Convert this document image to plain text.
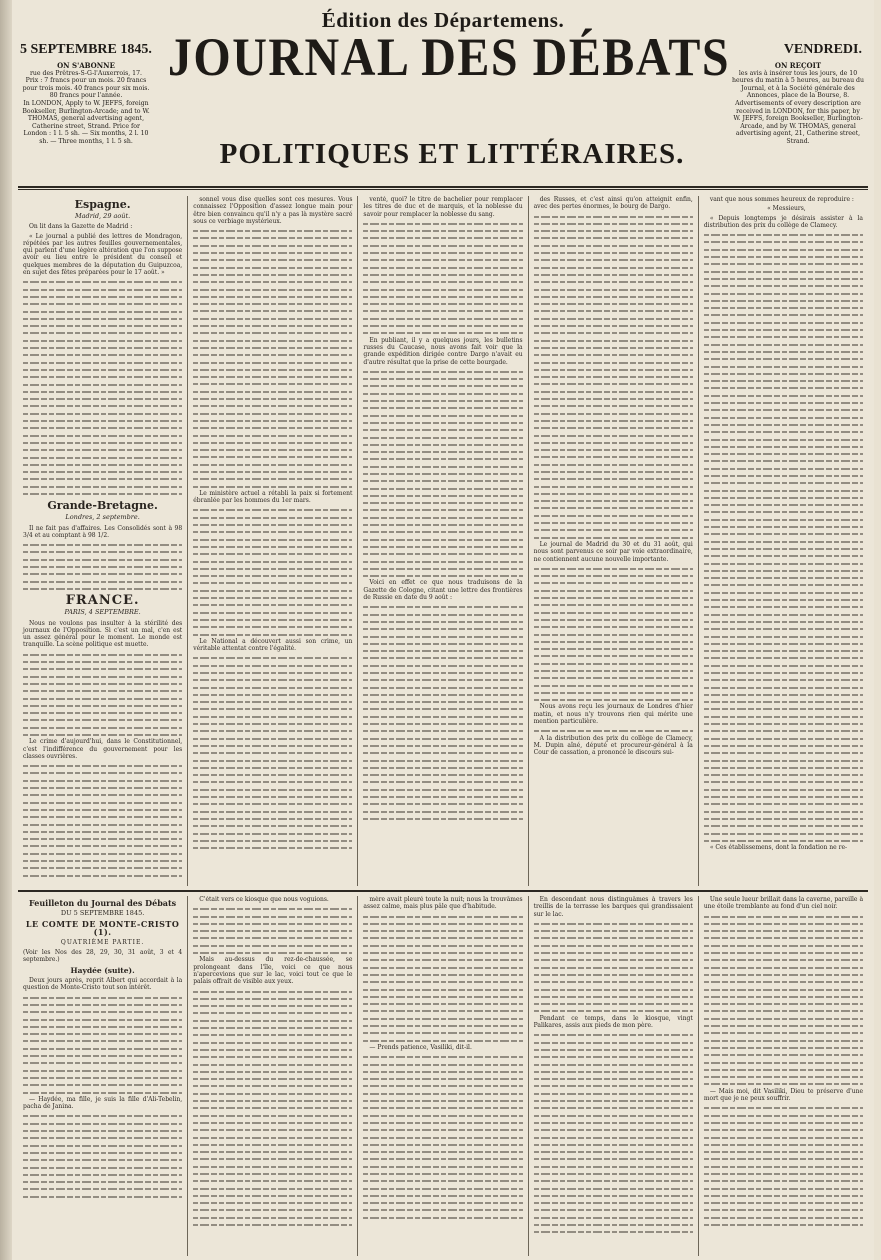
Édition des Départemens.
5 SEPTEMBRE 1845.	VENDREDI.
JOURNAL DES DÉBATS
POLITIQUES ET LITTÉRAIRES.
ON S'ABONNE
rue des Prêtres-S-G-l'Auxerrois, 17.
Prix : 7 francs pour un mois. 20 francs pour trois mois. 40 francs pour six mois. 80 francs pour l'année.
In LONDON, Apply to W. JEFFS, foreign Bookseller, Burlington-Arcade; and to W. THOMAS, general advertising agent, Catherine street, Strand. Price for London : 1 l. 5 sh. — Six months, 2 l. 10 sh. — Three months, 1 l. 5 sh.
ON REÇOIT
les avis à insérer tous les jours, de 10 heures du matin à 5 heures, au bureau du Journal, et à la Société générale des Annonces, place de la Bourse, 8.
Advertisements of every description are received in LONDON, for this paper, by W. JEFFS, foreign Bookseller, Burlington-Arcade, and by W. THOMAS, general advertising agent, 21, Catherine street, Strand.
Espagne.
Madrid, 29 août.

On lit dans la Gazette de Madrid :

« Le journal a publié des lettres de Mondragon, répétées par les autres feuilles gouvernementales, qui parlent d'une légère altération que l'on suppose avoir eu lieu entre le président du conseil et quelques membres de la députation du Guipuzcoa, en sujet des fêtes préparées pour le 17 août. »

Grande-Bretagne.
Londres, 2 septembre.

Il ne fait pas d'affaires. Les Consolidés sont à 98 3/4 et au comptant à 98 1/2.

FRANCE.
PARIS, 4 SEPTEMBRE.

Nous ne voulons pas insulter à la stérilité des journaux de l'Opposition. Si c'est un mal, c'en est un assez général pour le moment. Le monde est tranquille. La scène politique est muette.

Le crime d'aujourd'hui, dans le Constitutionnel, c'est l'indifférence du gouvernement pour les classes ouvrières.

sonnel vous dise quelles sont ces mesures. Vous connaissez l'Opposition d'assez longue main pour être bien convaincu qu'il n'y a pas là mystère sacré sous ce verbiage mystérieux.

Le ministère actuel a rétabli la paix si fortement ébranlée par les hommes du 1er mars.

Le National a découvert aussi son crime, un véritable attentat contre l'égalité.

venté, quoi? le titre de bachelier pour remplacer les titres de duc et de marquis, et la noblesse du savoir pour remplacer la noblesse du sang.

En publiant, il y a quelques jours, les bulletins russes du Caucase, nous avons fait voir que la grande expédition dirigée contre Dargo n'avait eu d'autre résultat que la prise de cette bourgade.

Voici en effet ce que nous traduisons de la Gazette de Cologne, citant une lettre des frontières de Russie en date du 9 août :

des Russes, et c'est ainsi qu'on atteignit enfin, avec des pertes énormes, le bourg de Dargo.

Le journal de Madrid du 30 et du 31 août, qui nous sont parvenus ce soir par voie extraordinaire, ne contiennent aucune nouvelle importante.

Nous avons reçu les journaux de Londres d'hier matin, et nous n'y trouvons rien qui mérite une mention particulière.

A la distribution des prix du collège de Clamecy, M. Dupin aîné, député et procureur-général à la Cour de cassation, a prononcé le discours sui-

vant que nous sommes heureux de reproduire :

« Messieurs,

« Depuis longtemps je désirais assister à la distribution des prix du collège de Clamecy.

« Ces établissemens, dont la fondation ne re-

Feuilleton du Journal des Débats
DU 5 SEPTEMBRE 1845.
LE COMTE DE MONTE-CRISTO (1).
QUATRIÈME PARTIE.

(Voir les Nos des 28, 29, 30, 31 août, 3 et 4 septembre.)

Haydée (suite).

Deux jours après, reprit Albert qui accordait à la question de Monte-Cristo tout son intérêt.

— Haydée, ma fille, je suis la fille d'Ali-Tebelin, pacha de Janina.

C'était vers ce kiosque que nous voguions.

Mais au-dessus du rez-de-chaussée, se prolongeant dans l'île, voici ce que nous n'apercevions que sur le lac, voici tout ce que le palais offrait de visible aux yeux.

mère avait pleuré toute la nuit; nous la trouvâmes assez calme, mais plus pâle que d'habitude.

— Prends patience, Vasiliki, dit-il.

En descendant nous distinguâmes à travers les treillis de la terrasse les barques qui grandissaient sur le lac.

Pendant ce temps, dans le kiosque, vingt Palikares, assis aux pieds de mon père.

Une seule lueur brillait dans la caverne, pareille à une étoile tremblante au fond d'un ciel noir.

— Mais moi, dit Vasiliki, Dieu te préserve d'une mort que je ne peux souffrir.
